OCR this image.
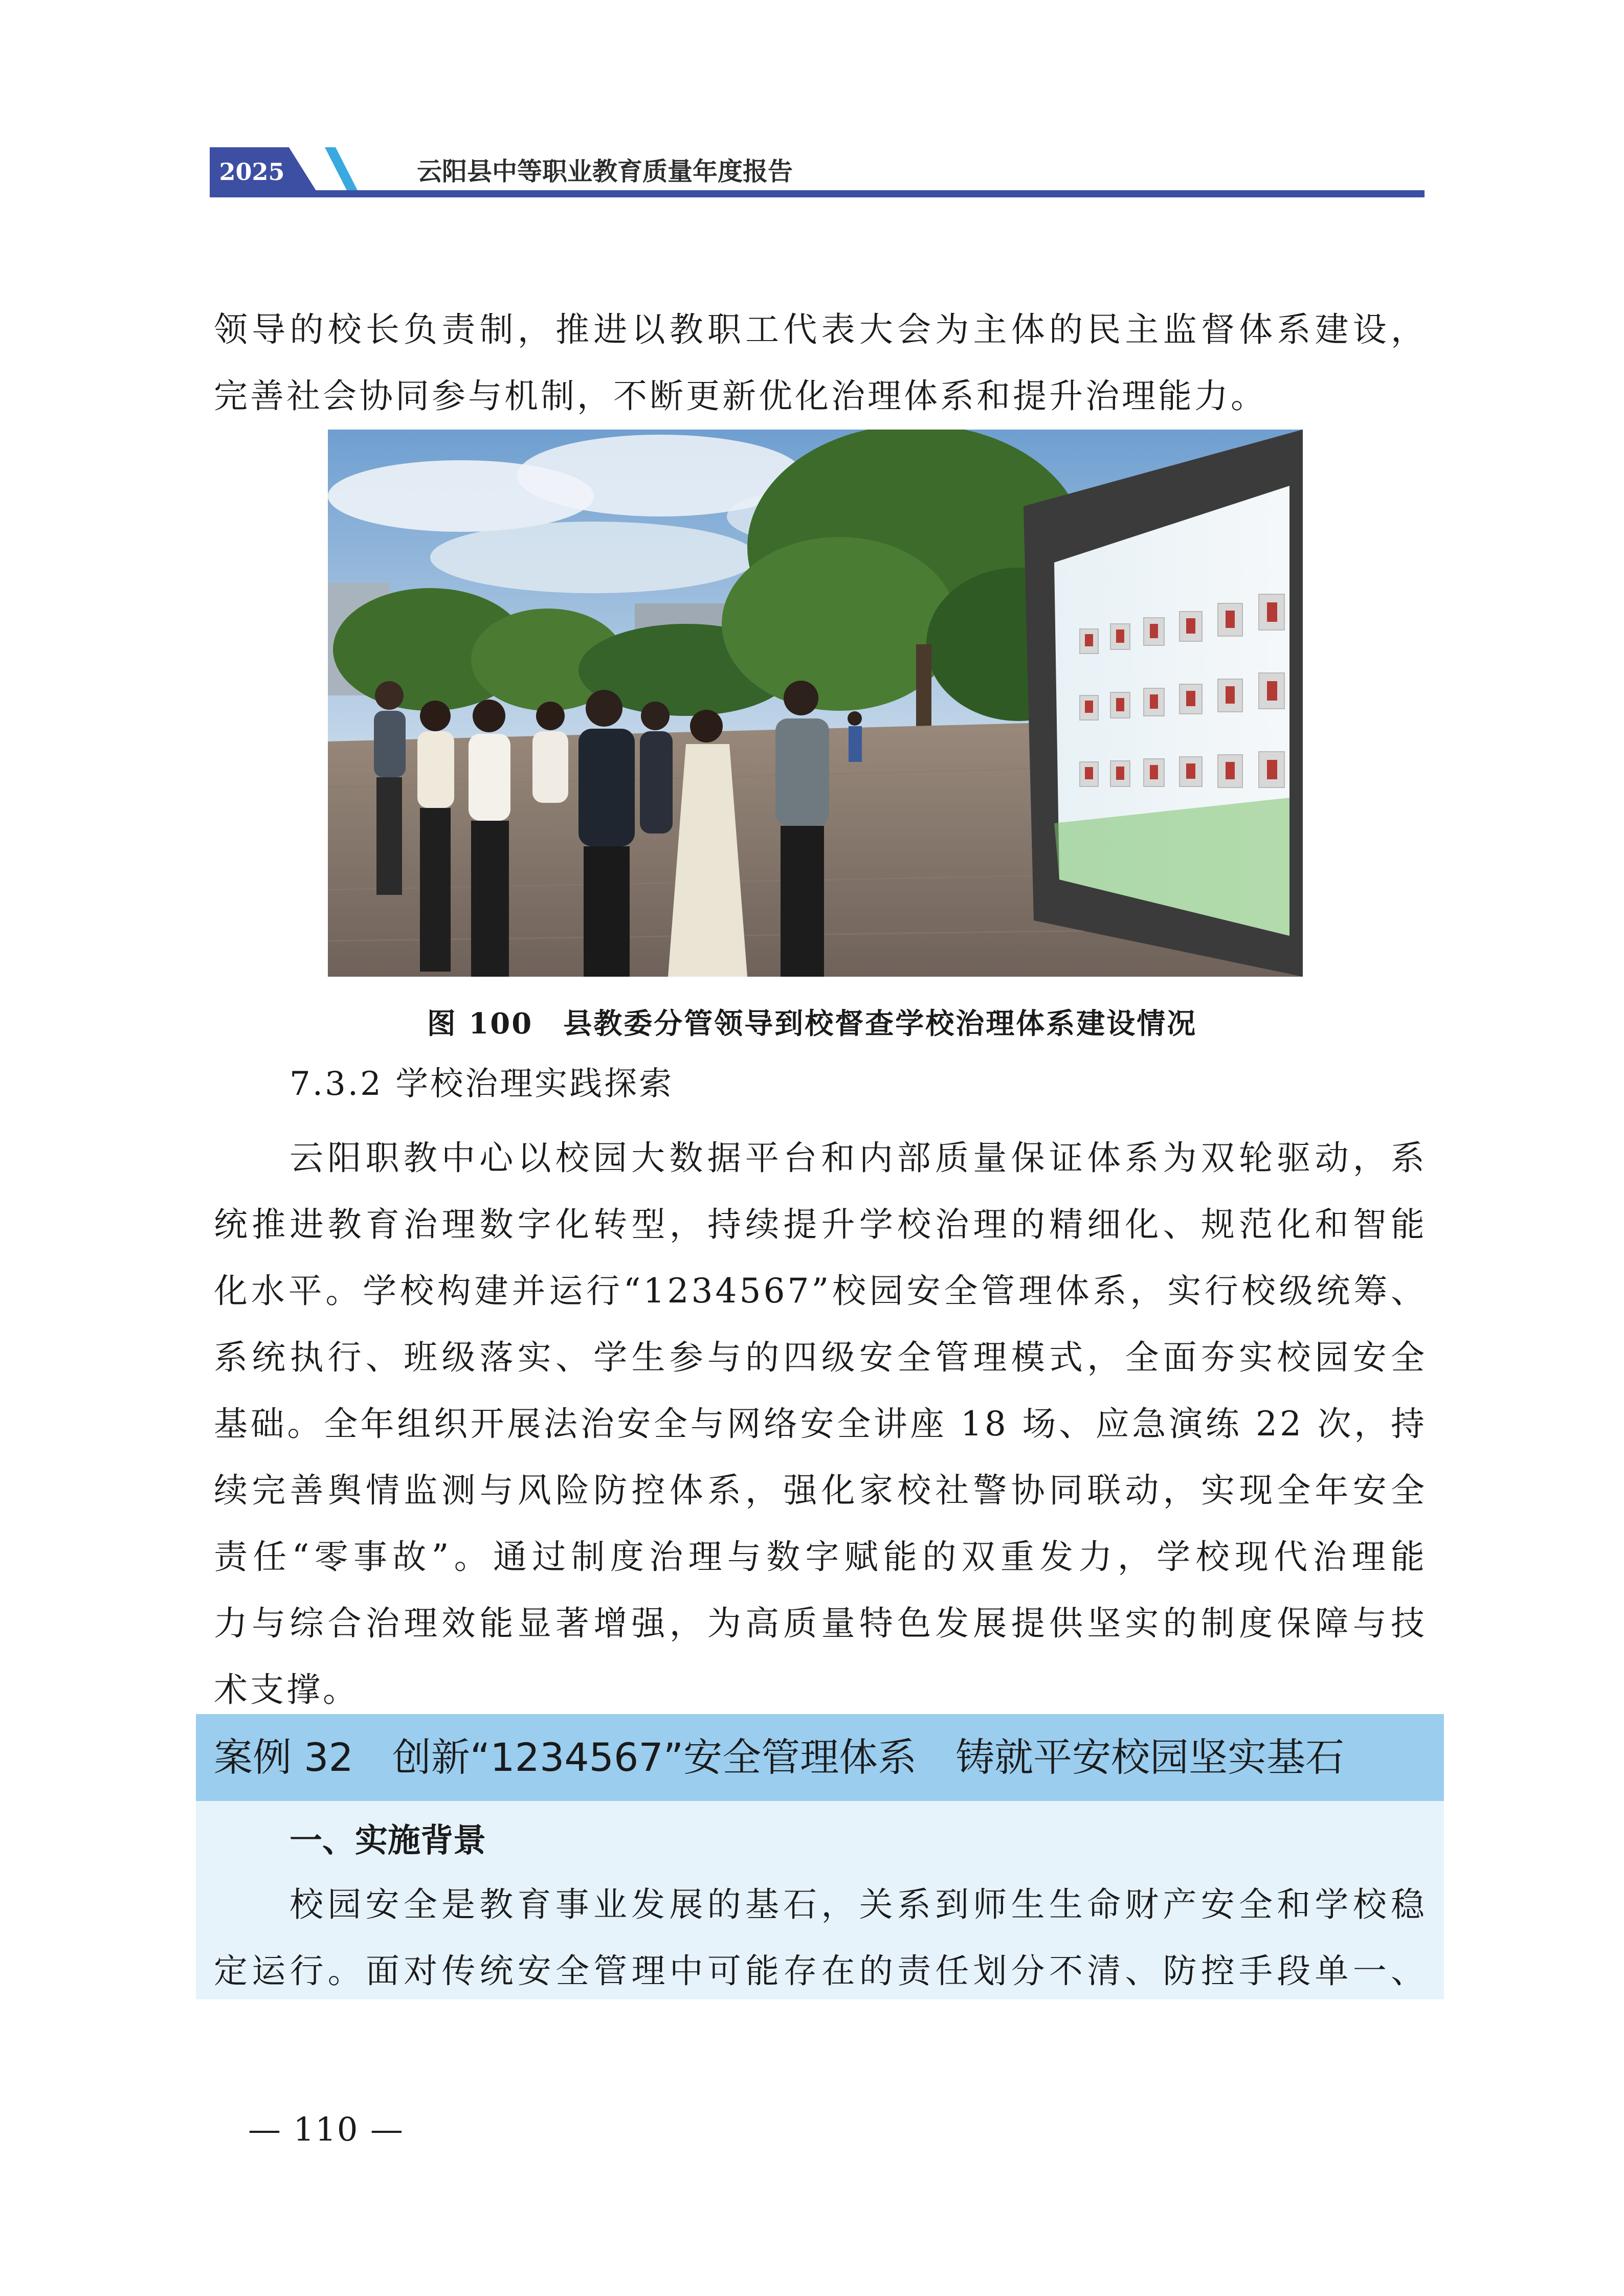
2025	云阳县中等职业教育质量年度报告
领导的校长负责制，推进以教职工代表大会为主体的民主监督体系建设，
完善社会协同参与机制，不断更新优化治理体系和提升治理能力。
图 100　县教委分管领导到校督查学校治理体系建设情况
7.3.2 学校治理实践探索
云阳职教中心以校园大数据平台和内部质量保证体系为双轮驱动，系
统推进教育治理数字化转型，持续提升学校治理的精细化、规范化和智能
化水平。学校构建并运行“1234567”校园安全管理体系，实行校级统筹、
系统执行、班级落实、学生参与的四级安全管理模式，全面夯实校园安全
基础。全年组织开展法治安全与网络安全讲座 18 场、应急演练 22 次，持
续完善舆情监测与风险防控体系，强化家校社警协同联动，实现全年安全
责任“零事故”。通过制度治理与数字赋能的双重发力，学校现代治理能
力与综合治理效能显著增强，为高质量特色发展提供坚实的制度保障与技
术支撑。
案例 32　创新“1234567”安全管理体系　铸就平安校园坚实基石
一、实施背景
校园安全是教育事业发展的基石，关系到师生生命财产安全和学校稳
定运行。面对传统安全管理中可能存在的责任划分不清、防控手段单一、
— 110 —
